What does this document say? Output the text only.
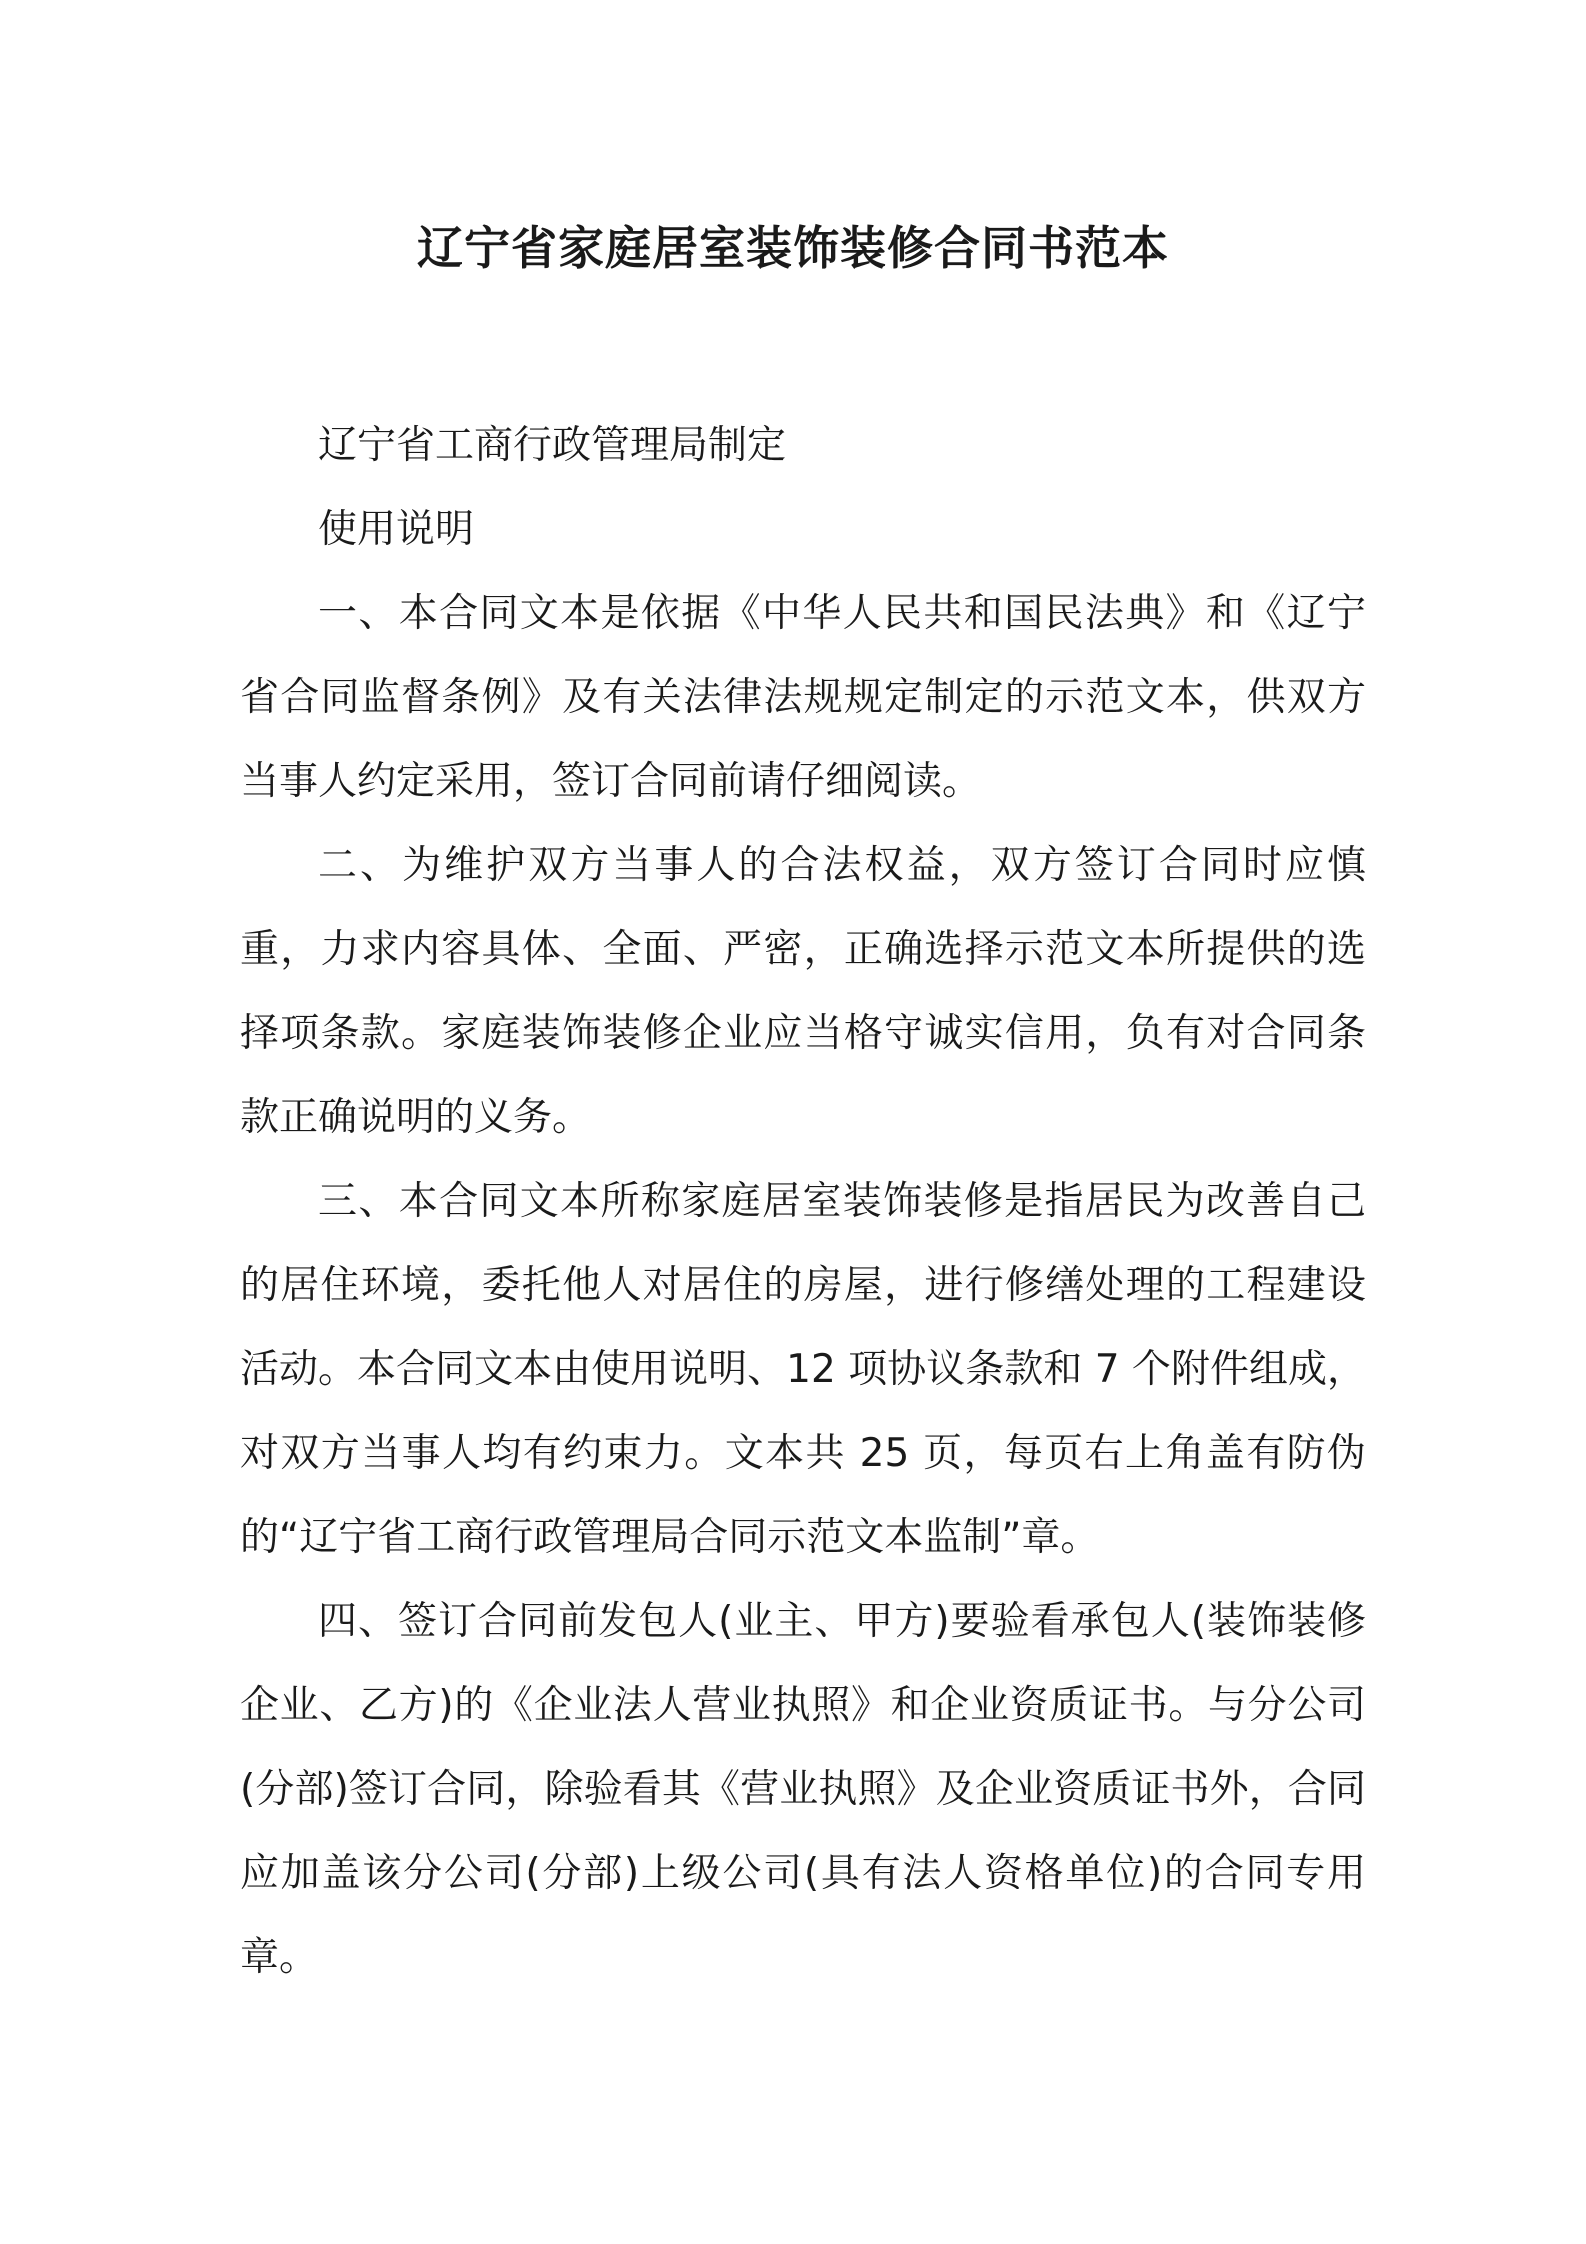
辽宁省家庭居室装饰装修合同书范本

辽宁省工商行政管理局制定

使用说明

一、本合同文本是依据《中华人民共和国民法典》和《辽宁省合同监督条例》及有关法律法规规定制定的示范文本，供双方当事人约定采用，签订合同前请仔细阅读。

二、为维护双方当事人的合法权益，双方签订合同时应慎重，力求内容具体、全面、严密，正确选择示范文本所提供的选择项条款。家庭装饰装修企业应当格守诚实信用，负有对合同条款正确说明的义务。

三、本合同文本所称家庭居室装饰装修是指居民为改善自己的居住环境，委托他人对居住的房屋，进行修缮处理的工程建设活动。本合同文本由使用说明、12 项协议条款和 7 个附件组成，对双方当事人均有约束力。文本共 25 页，每页右上角盖有防伪的“辽宁省工商行政管理局合同示范文本监制”章。

四、签订合同前发包人(业主、甲方)要验看承包人(装饰装修企业、乙方)的《企业法人营业执照》和企业资质证书。与分公司(分部)签订合同，除验看其《营业执照》及企业资质证书外，合同应加盖该分公司(分部)上级公司(具有法人资格单位)的合同专用章。
